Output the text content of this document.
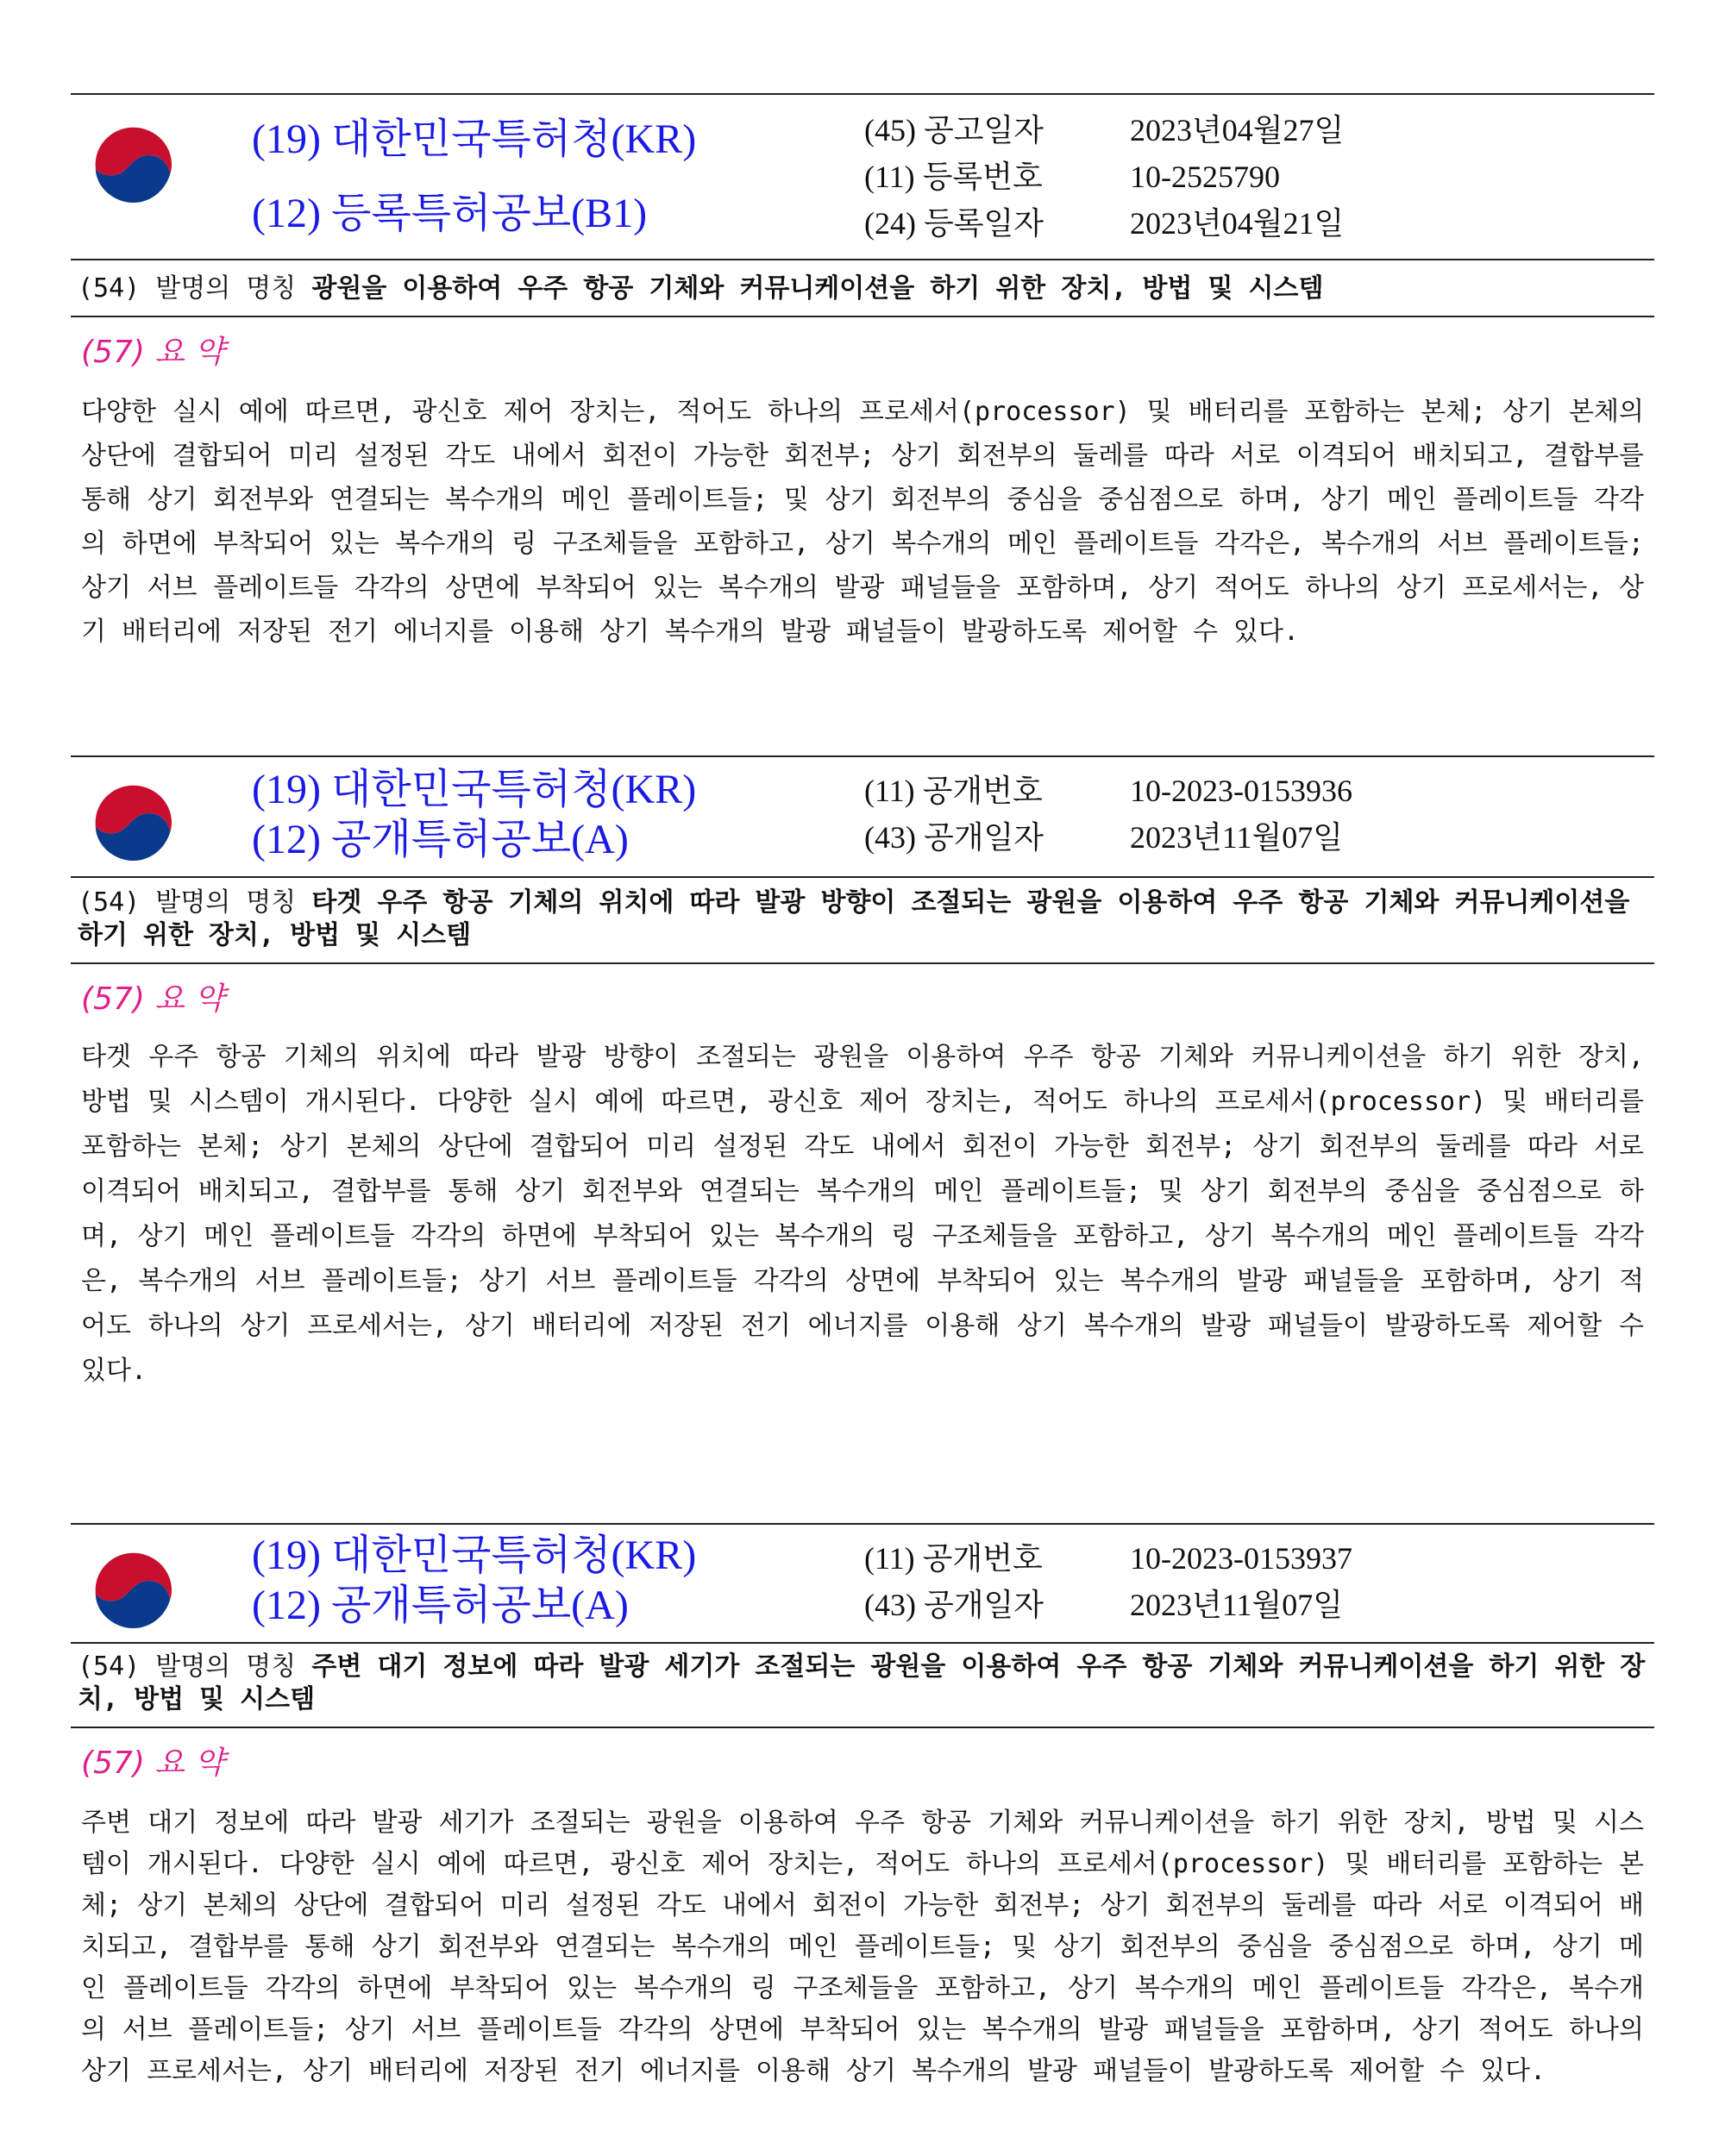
(19) 대한민국특허청(KR)
(12) 등록특허공보(B1)
(45) 공고일자	2023년04월27일
(11) 등록번호	10-2525790
(24) 등록일자	2023년04월21일
(54) 발명의 명칭 광원을 이용하여 우주 항공 기체와 커뮤니케이션을 하기 위한 장치, 방법 및 시스템
(57) 요 약
다양한 실시 예에 따르면, 광신호 제어 장치는, 적어도 하나의 프로세서(processor) 및 배터리를 포함하는 본체; 상기 본체의 상단에 결합되어 미리 설정된 각도 내에서 회전이 가능한 회전부; 상기 회전부의 둘레를 따라 서로 이격되어 배치되고, 결합부를 통해 상기 회전부와 연결되는 복수개의 메인 플레이트들; 및 상기 회전부의 중심을 중심점으로 하며, 상기 메인 플레이트들 각각의 하면에 부착되어 있는 복수개의 링 구조체들을 포함하고, 상기 복수개의 메인 플레이트들 각각은, 복수개의 서브 플레이트들; 상기 서브 플레이트들 각각의 상면에 부착되어 있는 복수개의 발광 패널들을 포함하며, 상기 적어도 하나의 상기 프로세서는, 상기 배터리에 저장된 전기 에너지를 이용해 상기 복수개의 발광 패널들이 발광하도록 제어할 수 있다.
(19) 대한민국특허청(KR)
(12) 공개특허공보(A)
(11) 공개번호	10-2023-0153936
(43) 공개일자	2023년11월07일
(54) 발명의 명칭 타겟 우주 항공 기체의 위치에 따라 발광 방향이 조절되는 광원을 이용하여 우주 항공 기체와 커뮤니케이션을 하기 위한 장치, 방법 및 시스템
(57) 요 약
타겟 우주 항공 기체의 위치에 따라 발광 방향이 조절되는 광원을 이용하여 우주 항공 기체와 커뮤니케이션을 하기 위한 장치, 방법 및 시스템이 개시된다. 다양한 실시 예에 따르면, 광신호 제어 장치는, 적어도 하나의 프로세서(processor) 및 배터리를 포함하는 본체; 상기 본체의 상단에 결합되어 미리 설정된 각도 내에서 회전이 가능한 회전부; 상기 회전부의 둘레를 따라 서로 이격되어 배치되고, 결합부를 통해 상기 회전부와 연결되는 복수개의 메인 플레이트들; 및 상기 회전부의 중심을 중심점으로 하며, 상기 메인 플레이트들 각각의 하면에 부착되어 있는 복수개의 링 구조체들을 포함하고, 상기 복수개의 메인 플레이트들 각각은, 복수개의 서브 플레이트들; 상기 서브 플레이트들 각각의 상면에 부착되어 있는 복수개의 발광 패널들을 포함하며, 상기 적어도 하나의 상기 프로세서는, 상기 배터리에 저장된 전기 에너지를 이용해 상기 복수개의 발광 패널들이 발광하도록 제어할 수 있다.
(19) 대한민국특허청(KR)
(12) 공개특허공보(A)
(11) 공개번호	10-2023-0153937
(43) 공개일자	2023년11월07일
(54) 발명의 명칭 주변 대기 정보에 따라 발광 세기가 조절되는 광원을 이용하여 우주 항공 기체와 커뮤니케이션을 하기 위한 장치, 방법 및 시스템
(57) 요 약
주변 대기 정보에 따라 발광 세기가 조절되는 광원을 이용하여 우주 항공 기체와 커뮤니케이션을 하기 위한 장치, 방법 및 시스템이 개시된다. 다양한 실시 예에 따르면, 광신호 제어 장치는, 적어도 하나의 프로세서(processor) 및 배터리를 포함하는 본체; 상기 본체의 상단에 결합되어 미리 설정된 각도 내에서 회전이 가능한 회전부; 상기 회전부의 둘레를 따라 서로 이격되어 배치되고, 결합부를 통해 상기 회전부와 연결되는 복수개의 메인 플레이트들; 및 상기 회전부의 중심을 중심점으로 하며, 상기 메인 플레이트들 각각의 하면에 부착되어 있는 복수개의 링 구조체들을 포함하고, 상기 복수개의 메인 플레이트들 각각은, 복수개의 서브 플레이트들; 상기 서브 플레이트들 각각의 상면에 부착되어 있는 복수개의 발광 패널들을 포함하며, 상기 적어도 하나의 상기 프로세서는, 상기 배터리에 저장된 전기 에너지를 이용해 상기 복수개의 발광 패널들이 발광하도록 제어할 수 있다.
